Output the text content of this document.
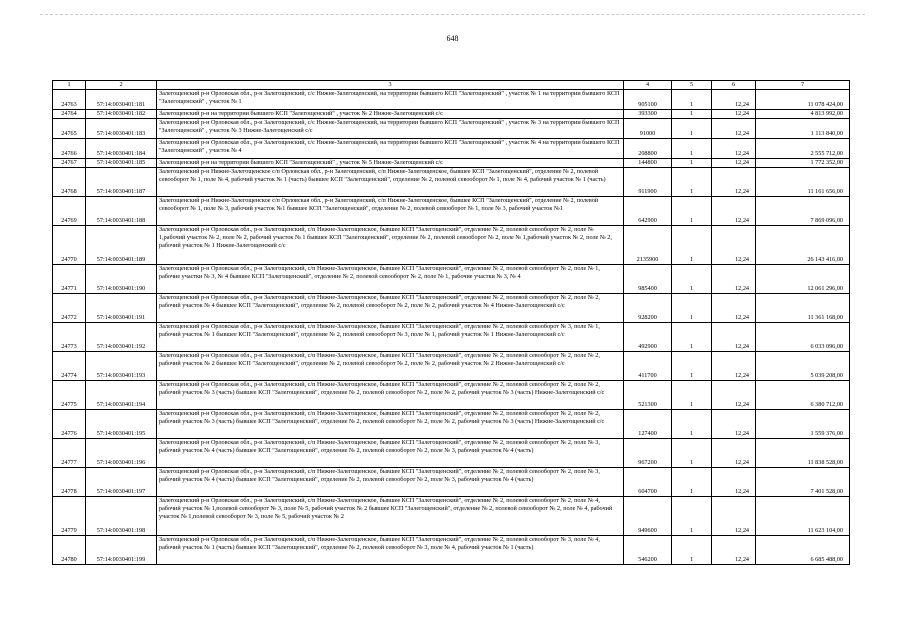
648
1	2	3	4	5	6	7
24763	57:14:0030401:181	Залегощенский р-н Орловская обл., р-н Залегощенский, с/с Нижне-Залегощенский, на территории бывшего КСП "Залегощенский" , участок № 1 на территории бывшего КСП "Залегощенский" , участок № 1	905100	1	12,24	11 078 424,00
24764	57:14:0030401:182	Залегощенский р-н на территории бывшего КСП "Залегощенский" , участок № 2 Нижне-Залегощенский с/с	393300	1	12,24	4 813 992,00
24765	57:14:0030401:183	Залегощенский р-н Орловская обл., р-н Залегощенский, с/с Нижне-Залегощенский, на территории бывшего КСП "Залегощенский" , участок № 3 на территории бывшего КСП "Залегощенский" , участок № 3 Нижне-Залегощенский с/с	91000	1	12,24	1 113 840,00
24766	57:14:0030401:184	Залегощенский р-н Орловская обл., р-н Залегощенский, с/с Нижне-Залегощенский, на территории бывшего КСП "Залегощенский" , участок № 4 на территории бывшего КСП "Залегощенский" , участок № 4	208800	1	12,24	2 555 712,00
24767	57:14:0030401:185	Залегощенский р-н на территории бывшего КСП "Залегощенский" , участок № 5 Нижне-Залегощенский с/с	144800	1	12,24	1 772 352,00
24768	57:14:0030401:187	Залегощенский р-н Нижне-Залегощенское с/п Орловская обл., р-н Залегощенский, с/п Нижне-Залегощенское, бывшее КСП "Залегощенский", отделение № 2, полевой севооборот № 1, поле № 4, рабочий участок № 1 (часть) бывшее КСП "Залегощенский", отделение № 2, полевой севооборот № 1, поле № 4, рабочий участок № 1 (часть)	911900	1	12,24	11 161 656,00
24769	57:14:0030401:188	Залегощенский р-н Нижне-Залегощенское с/п Орловская обл., р-н Залегощенский, с/п Нижне-Залегощенское, бывшее КСП "Залегощенский", отделение № 2, полевой севооборот № 1, поле № 3, рабочий участок №1 бывшее КСП "Залегощенский", отделение № 2, полевой севооборот № 1, поле № 3, рабочий участок №1	642900	1	12,24	7 869 096,00
24770	57:14:0030401:189	Залегощенский р-н Орловская обл., р-н Залегощенский, с/п Нижне-Залегощенское, бывшее КСП "Залегощенский", отделение № 2, полевой севооборот № 2, поле № 1,рабочий участок № 2, поле № 2, рабочий участок № 1 бывшее КСП "Залегощенский", отделение № 2, полевой севооборот № 2, поле № 1,рабочий участок № 2, поле № 2, рабочий участок № 1 Нижне-Залегощенский с/с	2135900	1	12,24	26 143 416,00
24771	57:14:0030401:190	Залегощенский р-н Орловская обл., р-н Залегощенский, с/п Нижне-Залегощенское, бывшее КСП "Залегощенский", отделение № 2, полевой севооборот № 2, поле № 1, рабочие участки № 3, № 4 бывшее КСП "Залегощенский", отделение № 2, полевой севооборот № 2, поле № 1, рабочие участки № 3, № 4	985400	1	12,24	12 061 296,00
24772	57:14:0030401:191	Залегощенский р-н Орловская обл., р-н Залегощенский, с/п Нижне-Залегощенское, бывшее КСП "Залегощенский", отделение № 2, полевой севооборот № 2, поле № 2, рабочий участок № 4 бывшее КСП "Залегощенский", отделение № 2, полевой севооборот № 2, поле № 2, рабочий участок № 4 Нижне-Залегощенский с/с	928200	1	12,24	11 361 168,00
24773	57:14:0030401:192	Залегощенский р-н Орловская обл., р-н Залегощенский, с/п Нижне-Залегощенское, бывшее КСП "Залегощенский", отделение № 2, полевой севооборот № 3, поле № 1, рабочий участок № 1 бывшее КСП "Залегощенский", отделение № 2, полевой севооборот № 3, поле № 1, рабочий участок № 1 Нижне-Залегощенский с/с	492900	1	12,24	6 033 096,00
24774	57:14:0030401:193	Залегощенский р-н Орловская обл., р-н Залегощенский, с/п Нижне-Залегощенское, бывшее КСП "Залегощенский", отделение № 2, полевой севооборот № 2, поле № 2, рабочий участок № 2 бывшее КСП "Залегощенский", отделение № 2, полевой севооборот № 2, поле № 2, рабочий участок № 2 Нижне-Залегощенский с/с	411700	1	12,24	5 039 208,00
24775	57:14:0030401:194	Залегощенский р-н Орловская обл., р-н Залегощенский, с/п Нижне-Залегощенское, бывшее КСП "Залегощенский", отделение № 2, полевой севооборот № 2, поле № 2, рабочий участок № 3 (часть) бывшее КСП "Залегощенский", отделение № 2, полевой севооборот № 2, поле № 2, рабочий участок № 3 (часть) Нижне-Залегощенский с/с	521300	1	12,24	6 380 712,00
24776	57:14:0030401:195	Залегощенский р-н Орловская обл., р-н Залегощенский, с/п Нижне-Залегощенское, бывшее КСП "Залегощенский", отделение № 2, полевой севооборот № 2, поле № 2, рабочий участок № 3 (часть) бывшее КСП "Залегощенский", отделение № 2, полевой севооборот № 2, поле № 2, рабочий участок № 3 (часть) Нижне-Залегощенский с/с	127400	1	12,24	1 559 376,00
24777	57:14:0030401:196	Залегощенский р-н Орловская обл., р-н Залегощенский, с/п Нижне-Залегощенское, бывшее КСП "Залегощенский", отделение № 2, полевой севооборот № 2, поле № 3, рабочий участок № 4 (часть) бывшее КСП "Залегощенский", отделение № 2, полевой севооборот № 2, поле № 3, рабочий участок № 4 (часть)	967200	1	12,24	11 838 528,00
24778	57:14:0030401:197	Залегощенский р-н Орловская обл., р-н Залегощенский, с/п Нижне-Залегощенское, бывшее КСП "Залегощенский", отделение № 2, полевой севооборот № 2, поле № 3, рабочий участок № 4 (часть) бывшее КСП "Залегощенский", отделение № 2, полевой севооборот № 2, поле № 3, рабочий участок № 4 (часть)	604700	1	12,24	7 401 528,00
24779	57:14:0030401:198	Залегощенский р-н Орловская обл., р-н Залегощенский, с/п Нижне-Залегощенское, бывшее КСП "Залегощенский", отделение № 2, полевой севооборот № 2, поле № 4, рабочий участок № 1,полевой севооборот № 3, поле № 5, рабочий участок № 2 бывшее КСП "Залегощенский", отделение № 2, полевой севооборот № 2, поле № 4, рабочий участок № 1,полевой севооборот № 3, поле № 5, рабочий участок № 2	949600	1	12,24	11 623 104,00
24780	57:14:0030401:199	Залегощенский р-н Орловская обл., р-н Залегощенский, с/п Нижне-Залегощенское, бывшее КСП "Залегощенский", отделение № 2, полевой севооборот № 3, поле № 4, рабочий участок № 1 (часть) бывшее КСП "Залегощенский", отделение № 2, полевой севооборот № 3, поле № 4, рабочий участок № 1 (часть)	546200	1	12,24	6 685 488,00
